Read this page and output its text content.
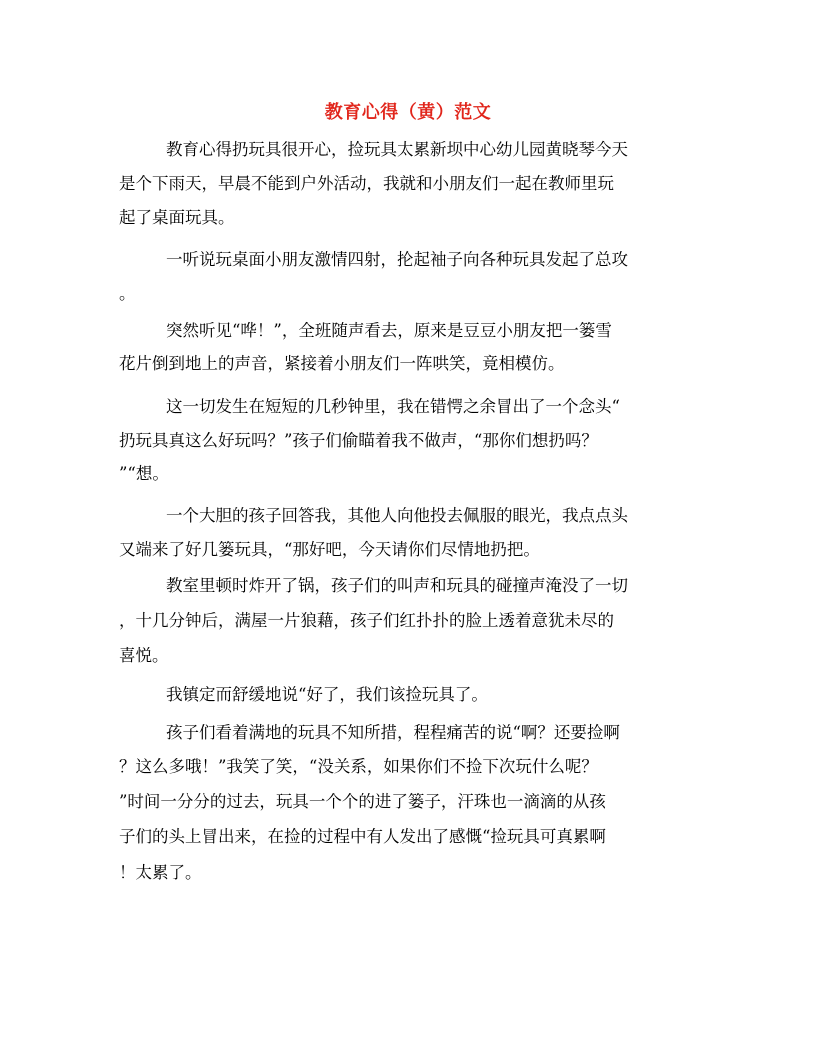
教育心得（黄）范文
教育心得扔玩具很开心，捡玩具太累新坝中心幼儿园黄晓琴今天
是个下雨天，早晨不能到户外活动，我就和小朋友们一起在教师里玩
起了桌面玩具。
一听说玩桌面小朋友激情四射，抡起袖子向各种玩具发起了总攻
。
突然听见“哗！”，全班随声看去，原来是豆豆小朋友把一篓雪
花片倒到地上的声音，紧接着小朋友们一阵哄笑，竟相模仿。
这一切发生在短短的几秒钟里，我在错愕之余冒出了一个念头“
扔玩具真这么好玩吗？”孩子们偷瞄着我不做声，“那你们想扔吗？
”“想。
一个大胆的孩子回答我，其他人向他投去佩服的眼光，我点点头
又端来了好几篓玩具，“那好吧，今天请你们尽情地扔把。
教室里顿时炸开了锅，孩子们的叫声和玩具的碰撞声淹没了一切
，十几分钟后，满屋一片狼藉，孩子们红扑扑的脸上透着意犹未尽的
喜悦。
我镇定而舒缓地说“好了，我们该捡玩具了。
孩子们看着满地的玩具不知所措，程程痛苦的说“啊？还要捡啊
？这么多哦！”我笑了笑，“没关系，如果你们不捡下次玩什么呢？
”时间一分分的过去，玩具一个个的进了篓子，汗珠也一滴滴的从孩
子们的头上冒出来，在捡的过程中有人发出了感慨“捡玩具可真累啊
！太累了。
